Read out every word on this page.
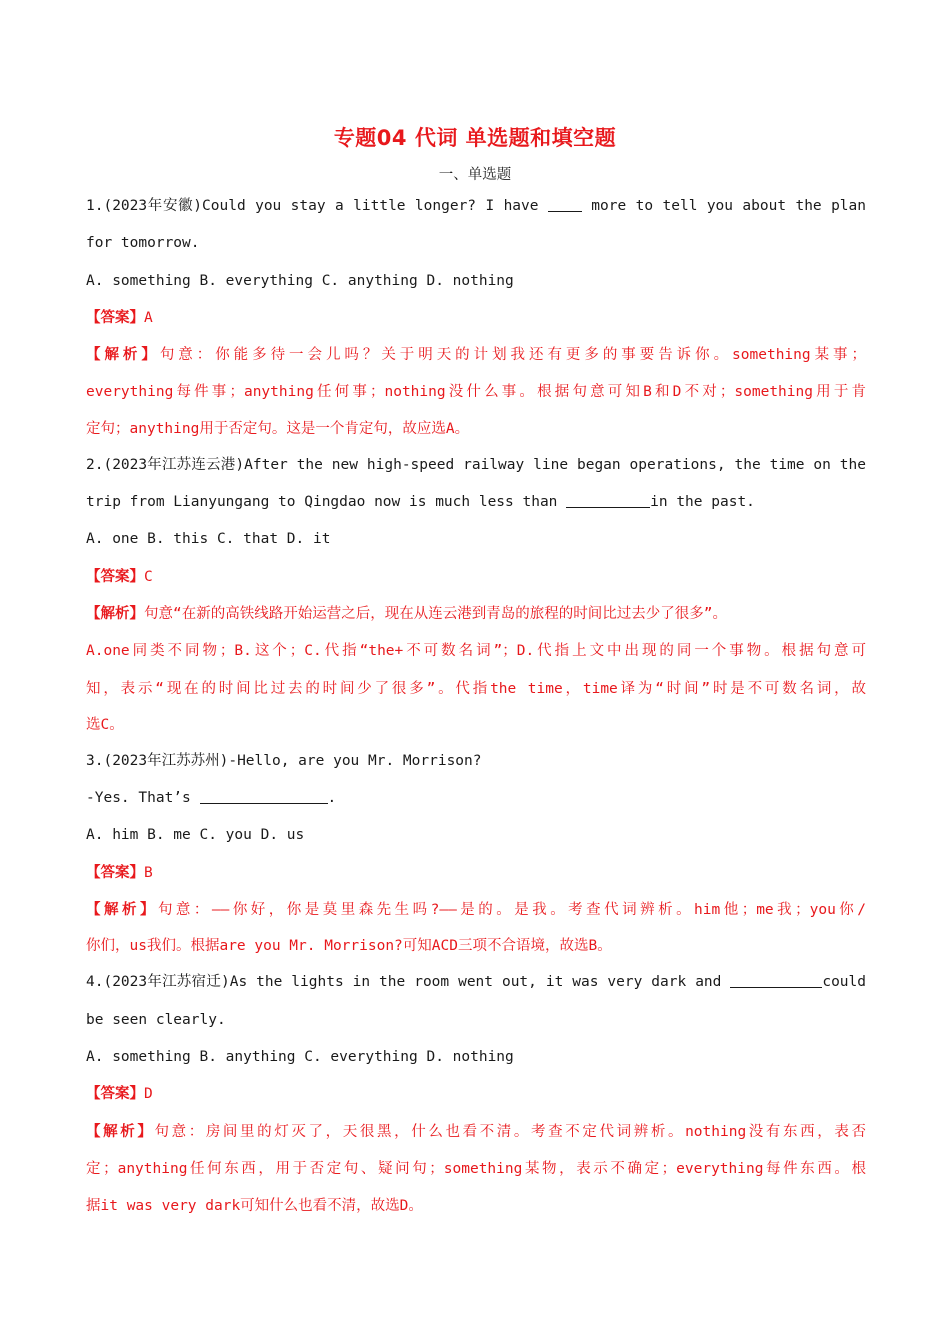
专题04 代词 单选题和填空题
一、单选题
1.(2023年安徽)Could you stay a little longer? I have  more to tell you about the plan
for tomorrow.
A. something B. everything C. anything D. nothing
【答案】A
【解析】句意：你能多待一会儿吗？关于明天的计划我还有更多的事要告诉你。something某事；
everything每件事；anything任何事；nothing没什么事。根据句意可知B和D不对；something用于肯
定句；anything用于否定句。这是一个肯定句，故应选A。
2.(2023年江苏连云港)After the new high-speed railway line began operations, the time on the
trip from Lianyungang to Qingdao now is much less than	in the past.
A. one B. this C. that D. it
【答案】C
【解析】句意“在新的高铁线路开始运营之后，现在从连云港到青岛的旅程的时间比过去少了很多”。
A.one同类不同物；B.这个；C.代指“the+不可数名词”；D.代指上文中出现的同一个事物。根据句意可
知，表示“现在的时间比过去的时间少了很多”。代指the time，time译为“时间”时是不可数名词，故
选C。
3.(2023年江苏苏州)-Hello, are you Mr. Morrison?
-Yes. That’s	.
A. him B. me C. you D. us
【答案】B
【解析】句意：——你好，你是莫里森先生吗?——是的。是我。考查代词辨析。him他；me我；you你/
你们，us我们。根据are you Mr. Morrison?可知ACD三项不合语境，故选B。
4.(2023年江苏宿迁)As the lights in the room went out, it was very dark and	could
be seen clearly.
A. something B. anything C. everything D. nothing
【答案】D
【解析】句意：房间里的灯灭了，天很黑，什么也看不清。考查不定代词辨析。nothing没有东西，表否
定；anything任何东西，用于否定句、疑问句；something某物，表示不确定；everything每件东西。根
据it was very dark可知什么也看不清，故选D。
